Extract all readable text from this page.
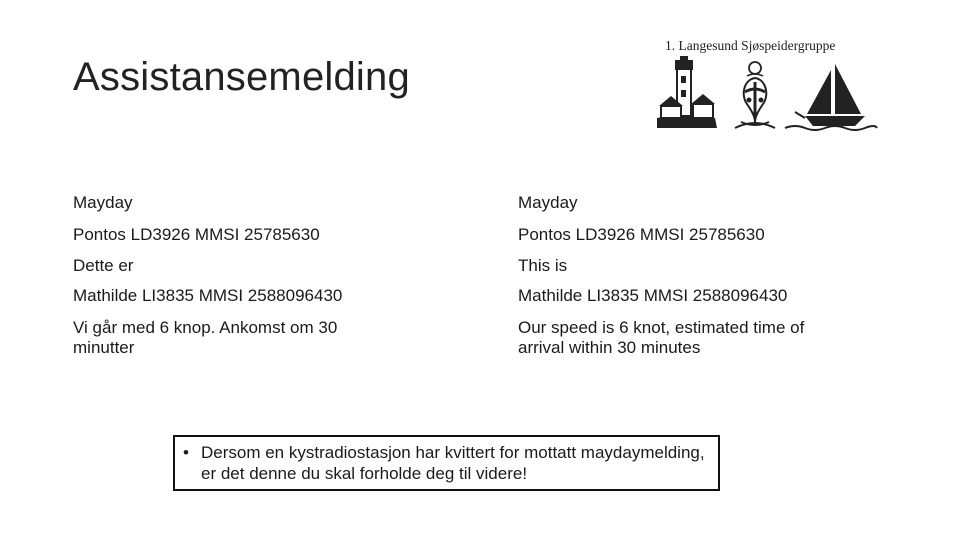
Assistansemelding
1. Langesund Sjøspeidergruppe

Mayday

Pontos LD3926 MMSI 25785630

Dette er

Mathilde LI3835 MMSI 2588096430

Vi går med 6 knop. Ankomst om 30 minutter

Mayday

Pontos LD3926 MMSI 25785630

This is

Mathilde LI3835 MMSI 2588096430

Our speed is 6 knot, estimated time of arrival within 30 minutes

• Dersom en kystradiostasjon har kvittert for mottatt maydaymelding, er det denne du skal forholde deg til videre!
